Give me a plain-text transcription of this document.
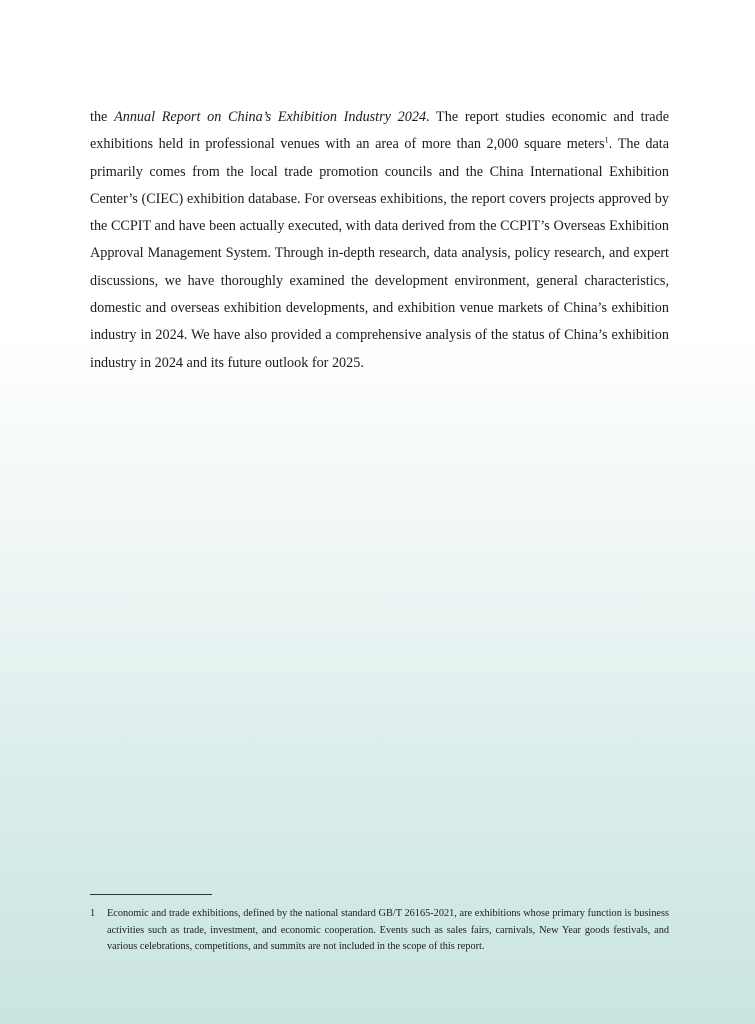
the Annual Report on China’s Exhibition Industry 2024. The report studies economic and trade exhibitions held in professional venues with an area of more than 2,000 square meters$^1$. The data primarily comes from the local trade promotion councils and the China International Exhibition Center’s (CIEC) exhibition database. For overseas exhibitions, the report covers projects approved by the CCPIT and have been actually executed, with data derived from the CCPIT’s Overseas Exhibition Approval Management System. Through in-depth research, data analysis, policy research, and expert discussions, we have thoroughly examined the development environment, general characteristics, domestic and overseas exhibition developments, and exhibition venue markets of China’s exhibition industry in 2024. We have also provided a comprehensive analysis of the status of China’s exhibition industry in 2024 and its future outlook for 2025.

1 Economic and trade exhibitions, defined by the national standard GB/T 26165-2021, are exhibitions whose primary function is business activities such as trade, investment, and economic cooperation. Events such as sales fairs, carnivals, New Year goods festivals, and various celebrations, competitions, and summits are not included in the scope of this report.
